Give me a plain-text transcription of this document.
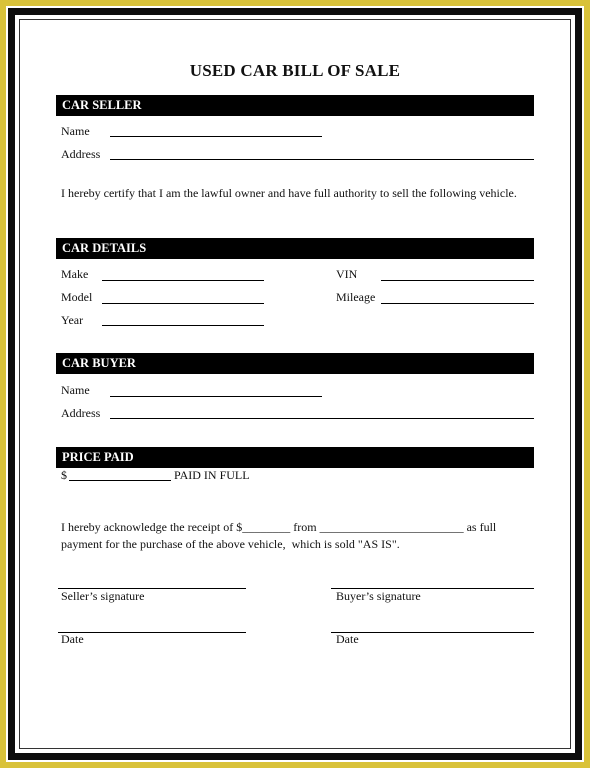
USED CAR BILL OF SALE
CAR SELLER
Name
Address
I hereby certify that I am the lawful owner and have full authority to sell the following vehicle.
CAR DETAILS
Make
Model
Year
VIN
Mileage
CAR BUYER
Name
Address
PRICE PAID
$	PAID IN FULL
I hereby acknowledge the receipt of $________ from ________________________ as full
payment for the purchase of the above vehicle,  which is sold "AS IS".
Seller’s signature	Buyer’s signature
Date	Date
